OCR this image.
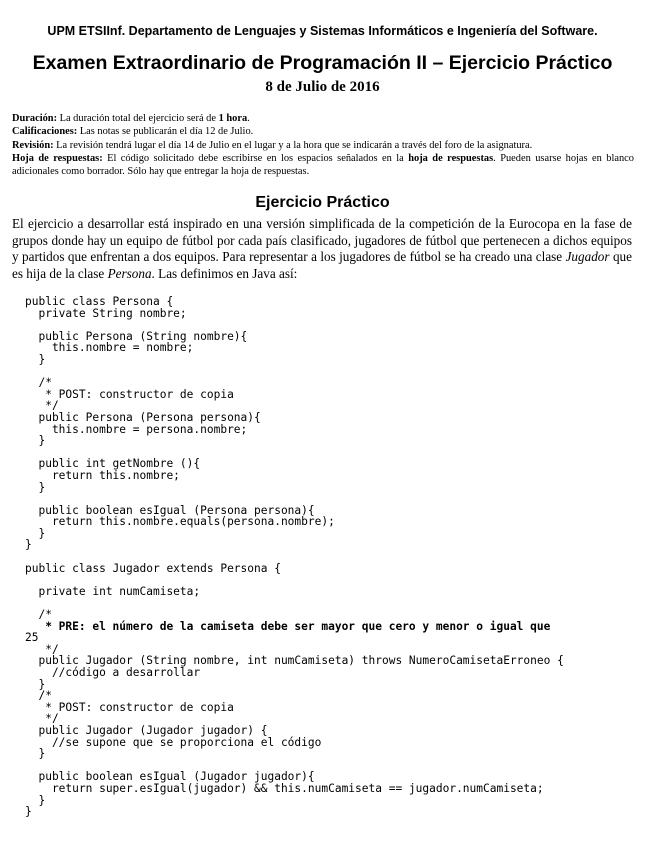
UPM ETSIInf. Departamento de Lenguajes y Sistemas Informáticos e Ingeniería del Software.
Examen Extraordinario de Programación II – Ejercicio Práctico
8 de Julio de 2016

Duración: La duración total del ejercicio será de 1 hora.

Calificaciones: Las notas se publicarán el día 12 de Julio.

Revisión: La revisión tendrá lugar el día 14 de Julio en el lugar y a la hora que se indicarán a través del foro de la asignatura.

Hoja de respuestas: El código solicitado debe escribirse en los espacios señalados en la hoja de respuestas. Pueden usarse hojas en blanco adicionales como borrador. Sólo hay que entregar la hoja de respuestas.

Ejercicio Práctico

El ejercicio a desarrollar está inspirado en una versión simplificada de la competición de la Eurocopa en la fase de grupos donde hay un equipo de fútbol por cada país clasificado, jugadores de fútbol que pertenecen a dichos equipos y partidos que enfrentan a dos equipos. Para representar a los jugadores de fútbol se ha creado una clase Jugador que es hija de la clase Persona. Las definimos en Java así:

public class Persona {
private String nombre;
public Persona (String nombre){
this.nombre = nombre;
}
/*
* POST: constructor de copia
*/
public Persona (Persona persona){
this.nombre = persona.nombre;
}
public int getNombre (){
return this.nombre;
}
public boolean esIgual (Persona persona){
return this.nombre.equals(persona.nombre);
}
}
public class Jugador extends Persona {
private int numCamiseta;
/*
* PRE: el número de la camiseta debe ser mayor que cero y menor o igual que
25
*/
public Jugador (String nombre, int numCamiseta) throws NumeroCamisetaErroneo {
//código a desarrollar
}
/*
* POST: constructor de copia
*/
public Jugador (Jugador jugador) {
//se supone que se proporciona el código
}
public boolean esIgual (Jugador jugador){
return super.esIgual(jugador) && this.numCamiseta == jugador.numCamiseta;
}
}
